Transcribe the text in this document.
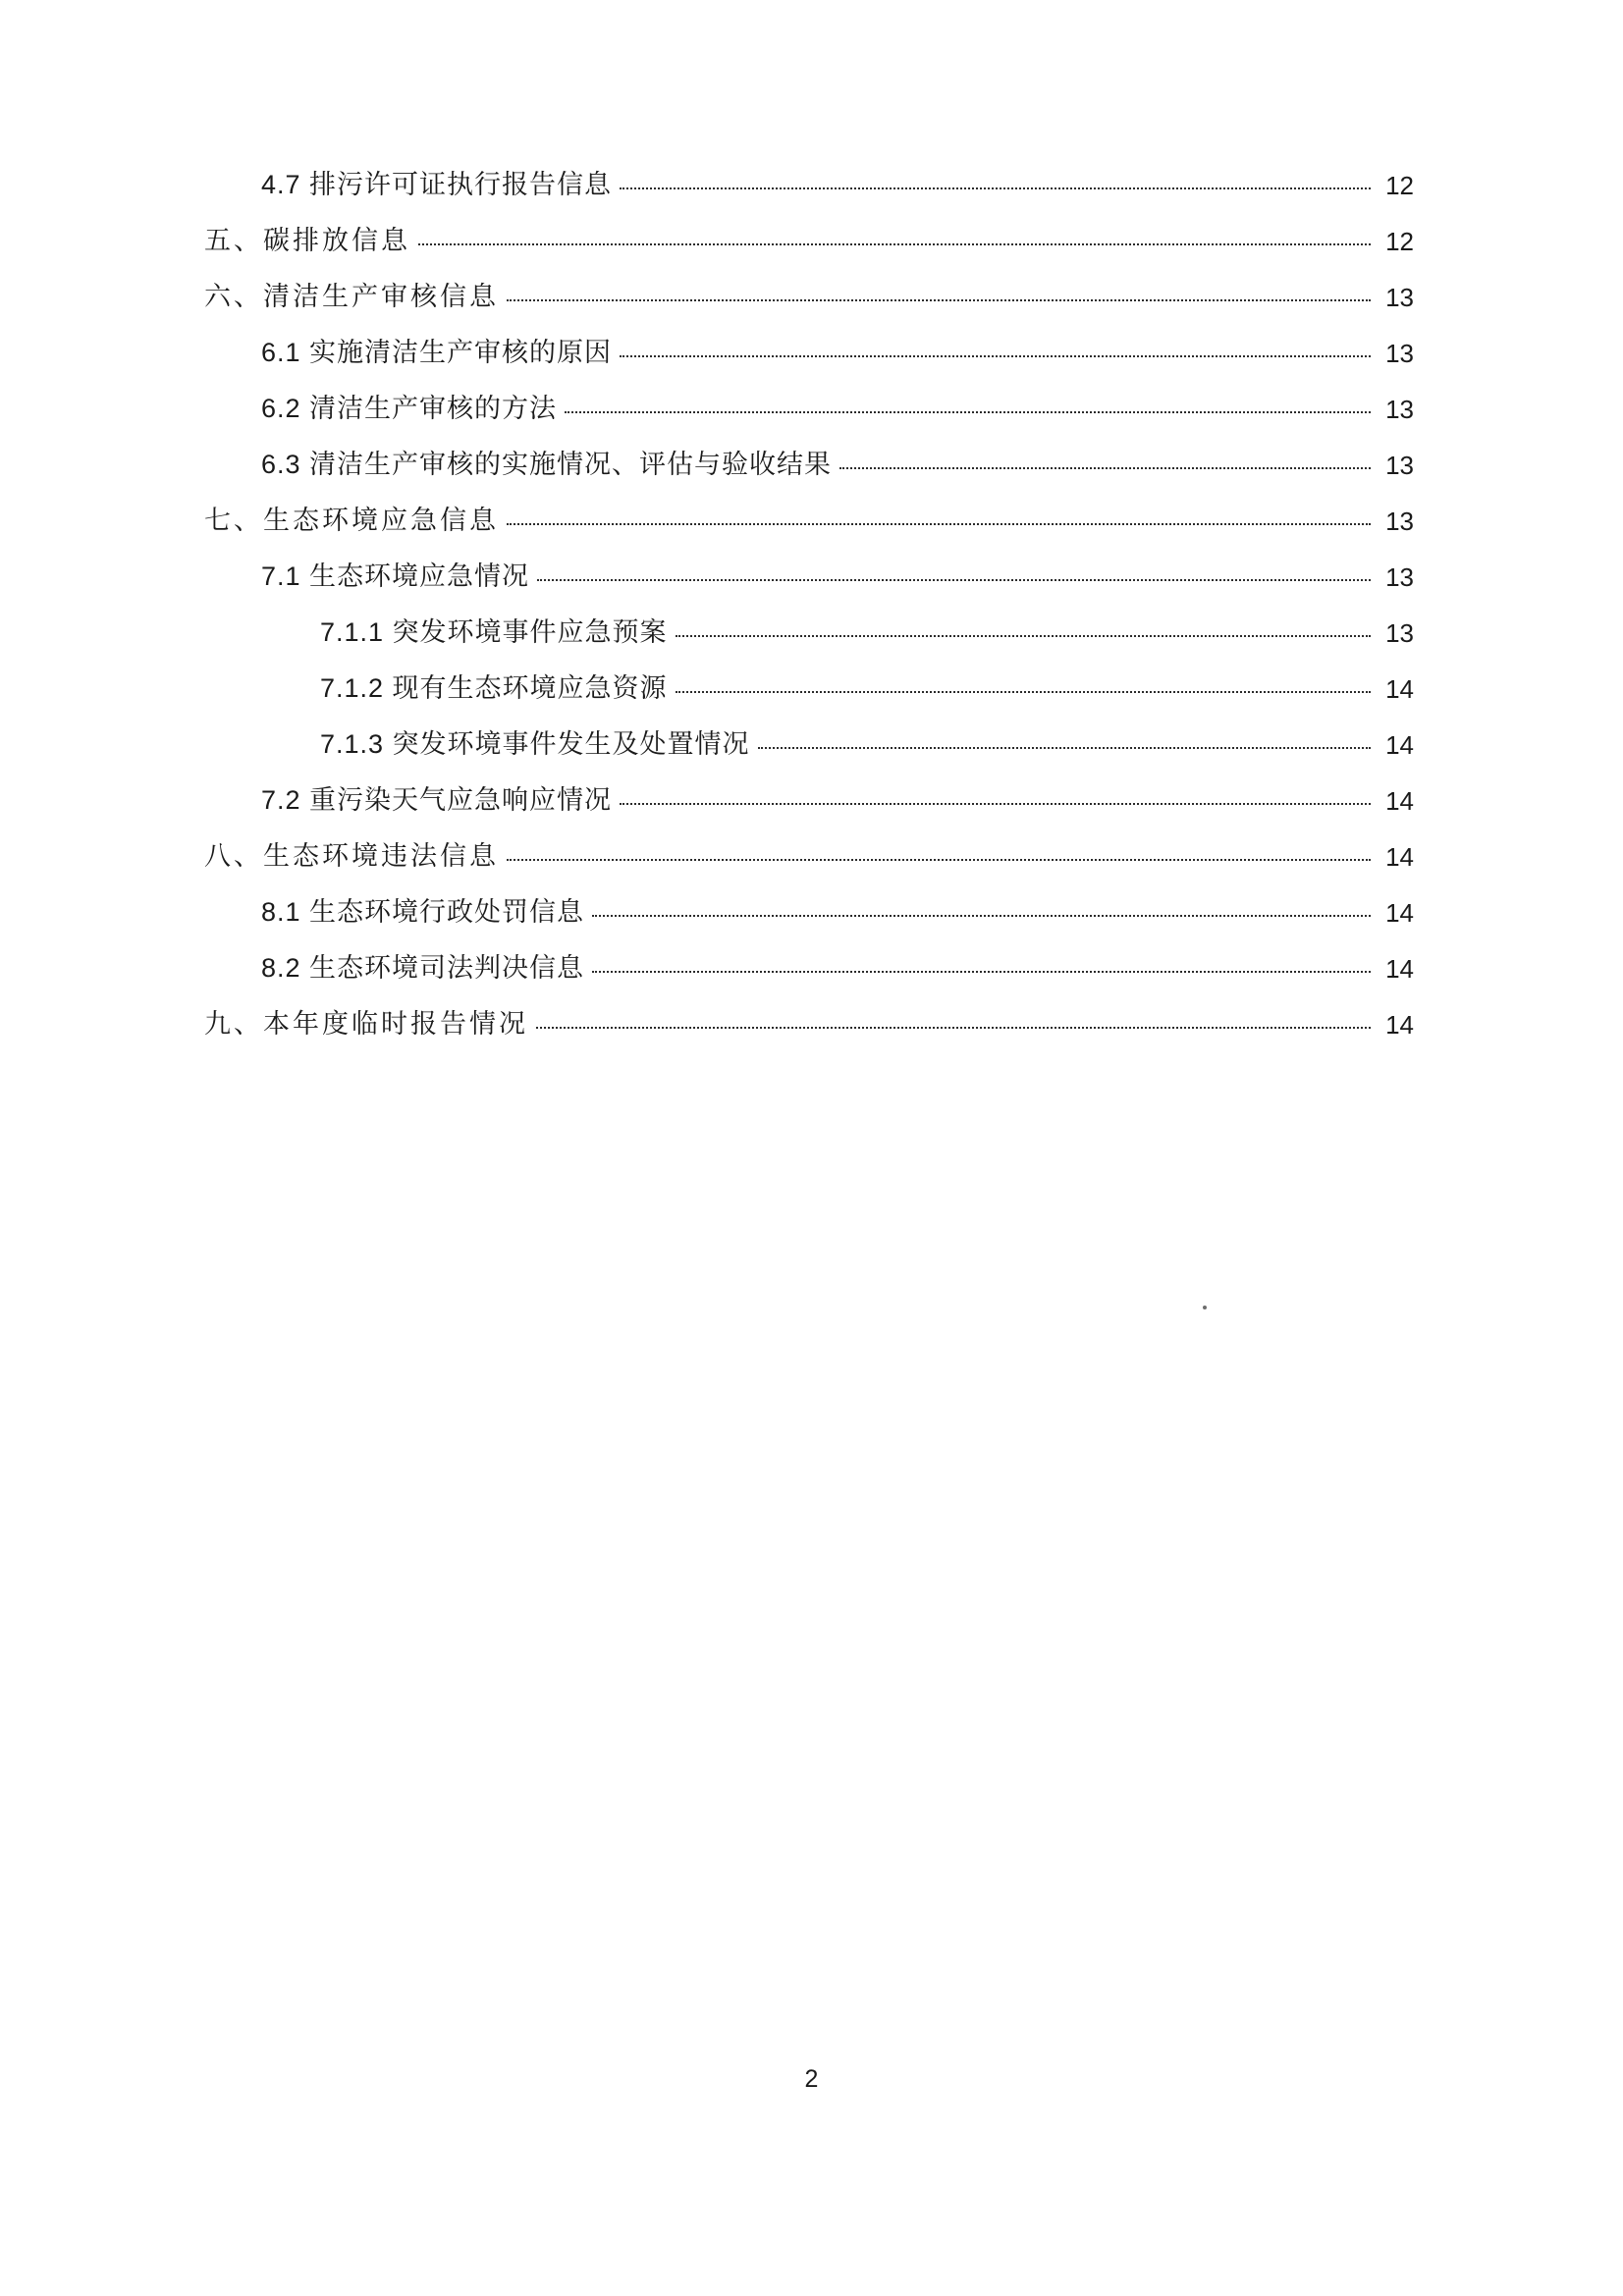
4.7 排污许可证执行报告信息	12
五、碳排放信息	12
六、清洁生产审核信息	13
6.1 实施清洁生产审核的原因	13
6.2 清洁生产审核的方法	13
6.3 清洁生产审核的实施情况、评估与验收结果	13
七、生态环境应急信息	13
7.1 生态环境应急情况	13
7.1.1 突发环境事件应急预案	13
7.1.2 现有生态环境应急资源	14
7.1.3 突发环境事件发生及处置情况	14
7.2 重污染天气应急响应情况	14
八、生态环境违法信息	14
8.1 生态环境行政处罚信息	14
8.2 生态环境司法判决信息	14
九、本年度临时报告情况	14
2
